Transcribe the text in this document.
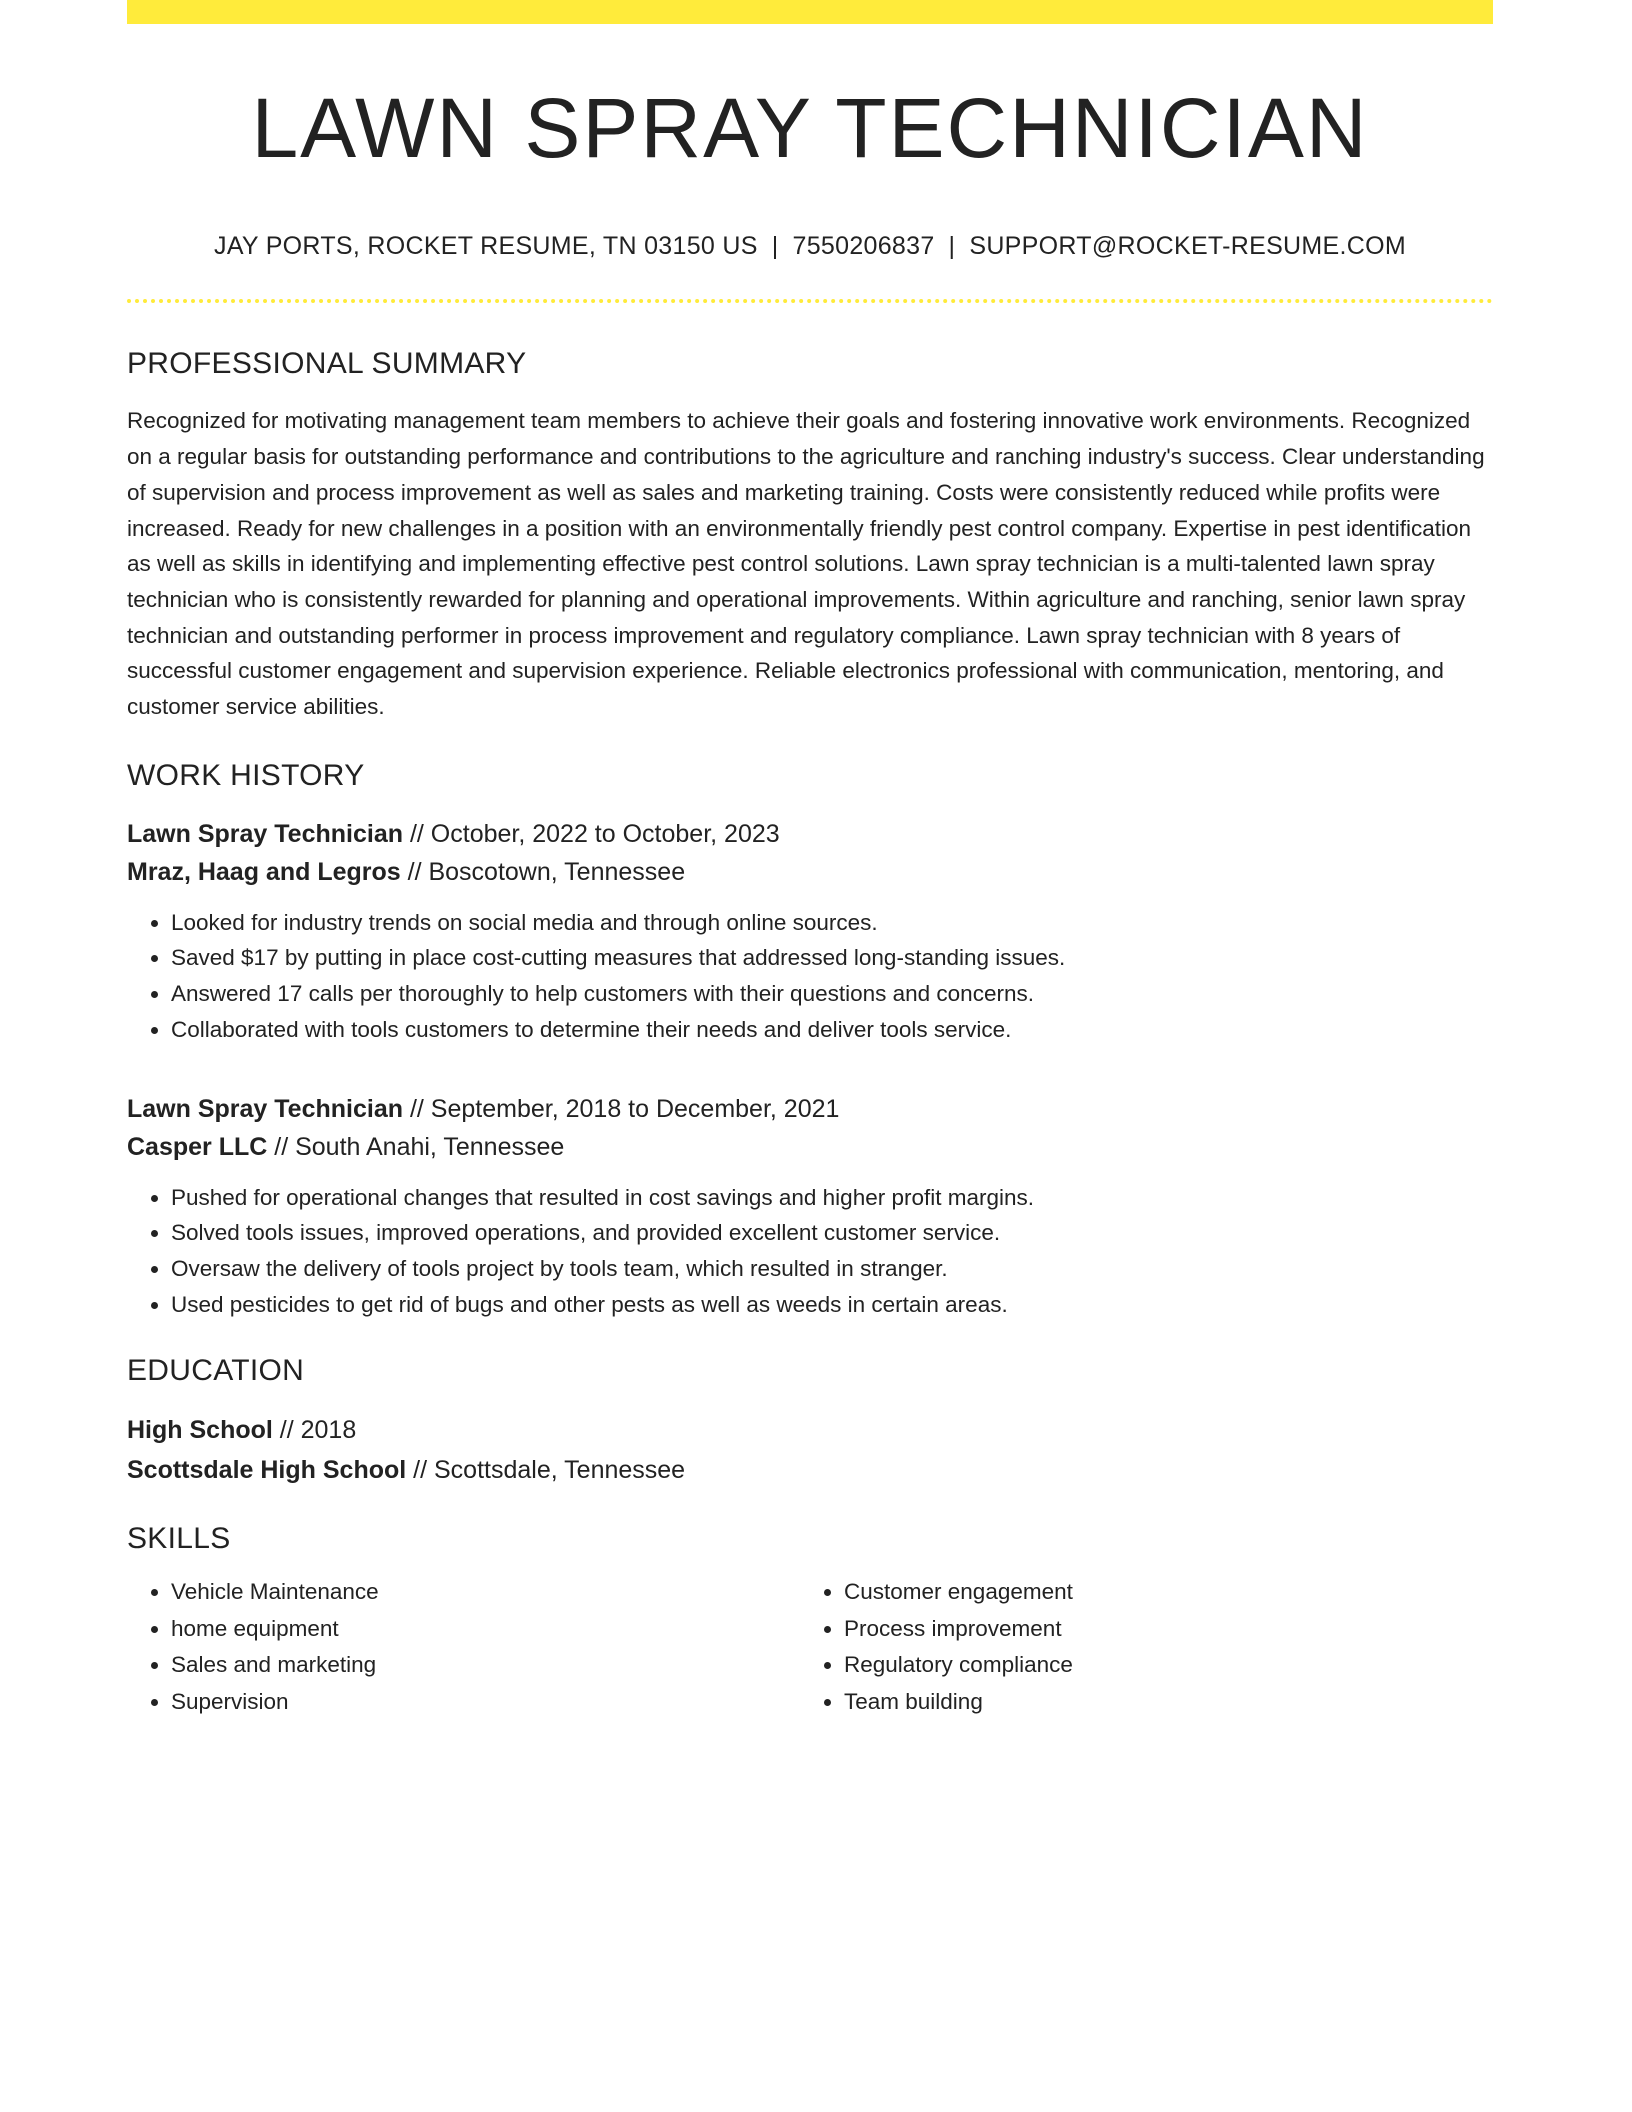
LAWN SPRAY TECHNICIAN
JAY PORTS, ROCKET RESUME, TN 03150 US | 7550206837 | SUPPORT@ROCKET-RESUME.COM
PROFESSIONAL SUMMARY

Recognized for motivating management team members to achieve their goals and fostering innovative work environments. Recognized on a regular basis for outstanding performance and contributions to the agriculture and ranching industry's success. Clear understanding of supervision and process improvement as well as sales and marketing training. Costs were consistently reduced while profits were increased. Ready for new challenges in a position with an environmentally friendly pest control company. Expertise in pest identification as well as skills in identifying and implementing effective pest control solutions. Lawn spray technician is a multi-talented lawn spray technician who is consistently rewarded for planning and operational improvements. Within agriculture and ranching, senior lawn spray technician and outstanding performer in process improvement and regulatory compliance. Lawn spray technician with 8 years of successful customer engagement and supervision experience. Reliable electronics professional with communication, mentoring, and customer service abilities.

WORK HISTORY
Lawn Spray Technician // October, 2022 to October, 2023
Mraz, Haag and Legros // Boscotown, Tennessee
• Looked for industry trends on social media and through online sources.
• Saved $17 by putting in place cost-cutting measures that addressed long-standing issues.
• Answered 17 calls per thoroughly to help customers with their questions and concerns.
• Collaborated with tools customers to determine their needs and deliver tools service.
Lawn Spray Technician // September, 2018 to December, 2021
Casper LLC // South Anahi, Tennessee
• Pushed for operational changes that resulted in cost savings and higher profit margins.
• Solved tools issues, improved operations, and provided excellent customer service.
• Oversaw the delivery of tools project by tools team, which resulted in stranger.
• Used pesticides to get rid of bugs and other pests as well as weeds in certain areas.
EDUCATION
High School // 2018
Scottsdale High School // Scottsdale, Tennessee
SKILLS
• Vehicle Maintenance
• home equipment
• Sales and marketing
• Supervision
• Customer engagement
• Process improvement
• Regulatory compliance
• Team building
